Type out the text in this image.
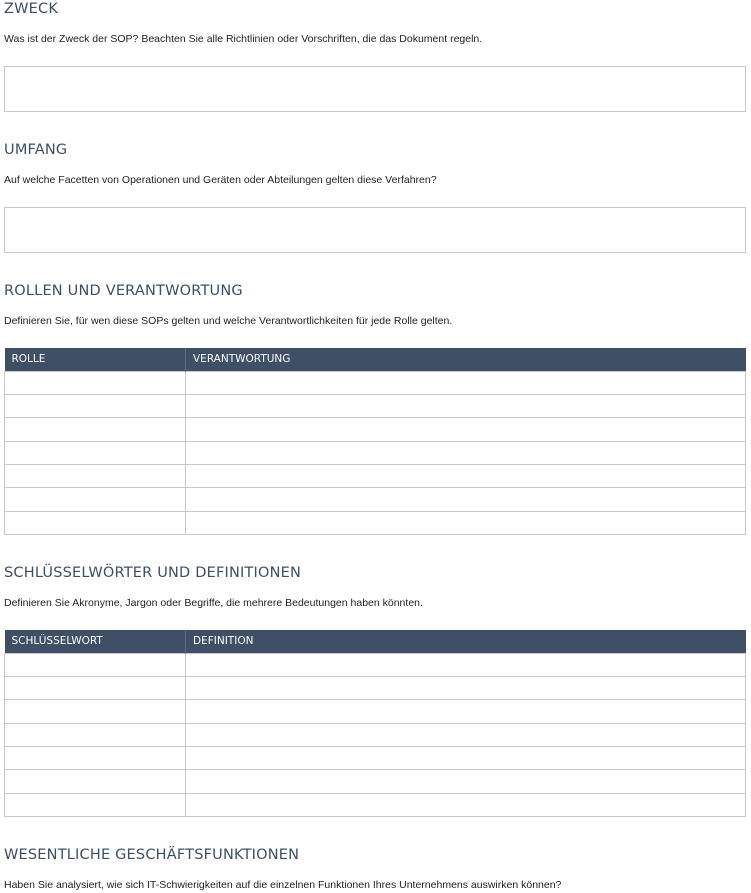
ZWECK

Was ist der Zweck der SOP? Beachten Sie alle Richtlinien oder Vorschriften, die das Dokument regeln.

UMFANG

Auf welche Facetten von Operationen und Geräten oder Abteilungen gelten diese Verfahren?

ROLLEN UND VERANTWORTUNG

Definieren Sie, für wen diese SOPs gelten und welche Verantwortlichkeiten für jede Rolle gelten.

ROLLE	VERANTWORTUNG

SCHLÜSSELWÖRTER UND DEFINITIONEN

Definieren Sie Akronyme, Jargon oder Begriffe, die mehrere Bedeutungen haben könnten.

SCHLÜSSELWORT	DEFINITION

WESENTLICHE GESCHÄFTSFUNKTIONEN

Haben Sie analysiert, wie sich IT-Schwierigkeiten auf die einzelnen Funktionen Ihres Unternehmens auswirken können?
